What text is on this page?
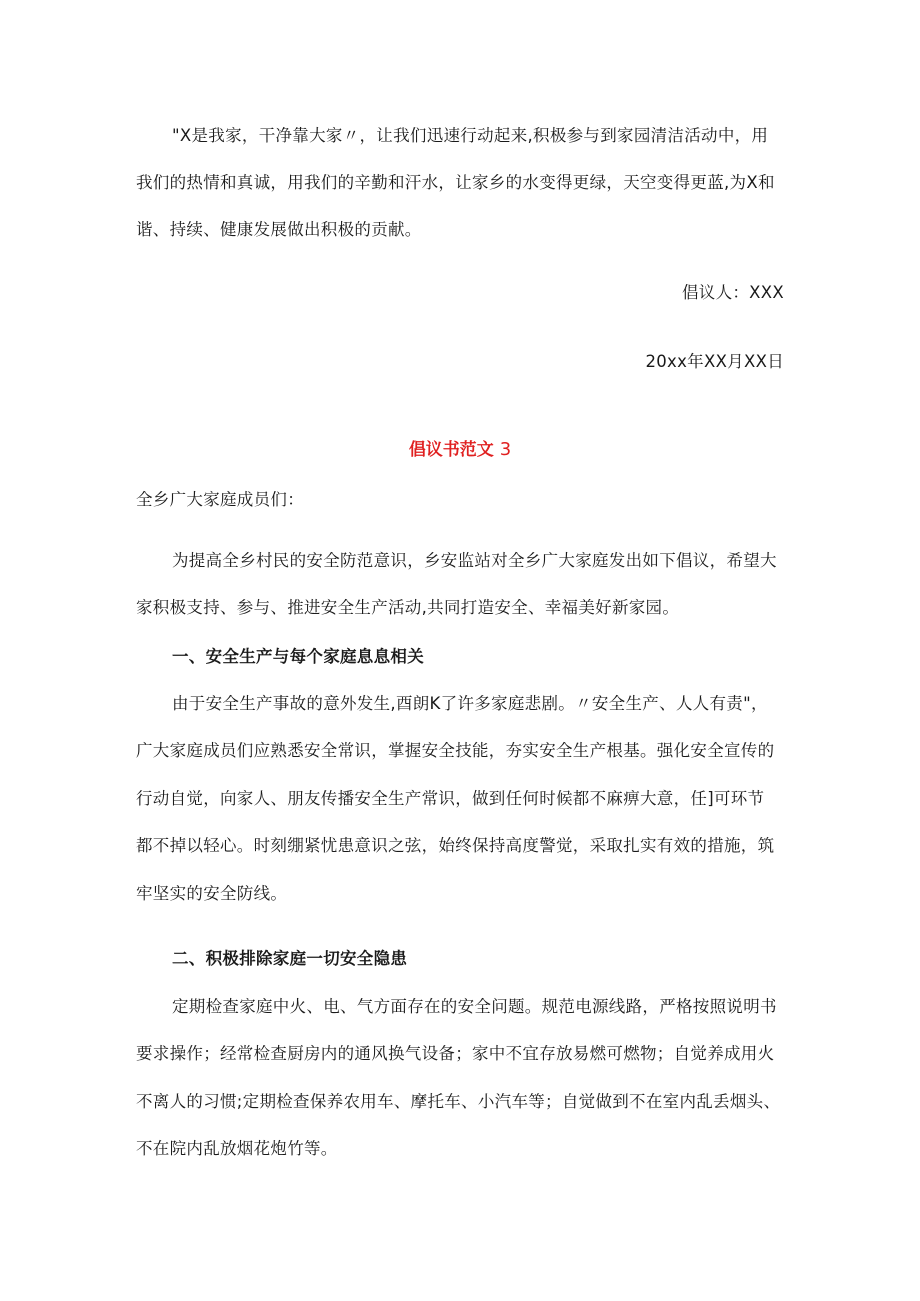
"X是我家，干净靠大家〃，让我们迅速行动起来,积极参与到家园清洁活动中，用
我们的热情和真诚，用我们的辛勤和汗水，让家乡的水变得更绿，天空变得更蓝,为X和
谐、持续、健康发展做出积极的贡献。
倡议人：XXX
20xx年XX月XX日
倡议书范文 3
全乡广大家庭成员们：
为提高全乡村民的安全防范意识，乡安监站对全乡广大家庭发出如下倡议，希望大
家积极支持、参与、推进安全生产活动,共同打造安全、幸福美好新家园。
一、安全生产与每个家庭息息相关
由于安全生产事故的意外发生,酉朗K了许多家庭悲剧。〃安全生产、人人有责"，
广大家庭成员们应熟悉安全常识，掌握安全技能，夯实安全生产根基。强化安全宣传的
行动自觉，向家人、朋友传播安全生产常识，做到任何时候都不麻痹大意，任]可环节
都不掉以轻心。时刻绷紧忧患意识之弦，始终保持高度警觉，采取扎实有效的措施，筑
牢坚实的安全防线。
二、积极排除家庭一切安全隐患
定期检查家庭中火、电、气方面存在的安全问题。规范电源线路，严格按照说明书
要求操作；经常检查厨房内的通风换气设备；家中不宜存放易燃可燃物；自觉养成用火
不离人的习惯;定期检查保养农用车、摩托车、小汽车等；自觉做到不在室内乱丢烟头、
不在院内乱放烟花炮竹等。
